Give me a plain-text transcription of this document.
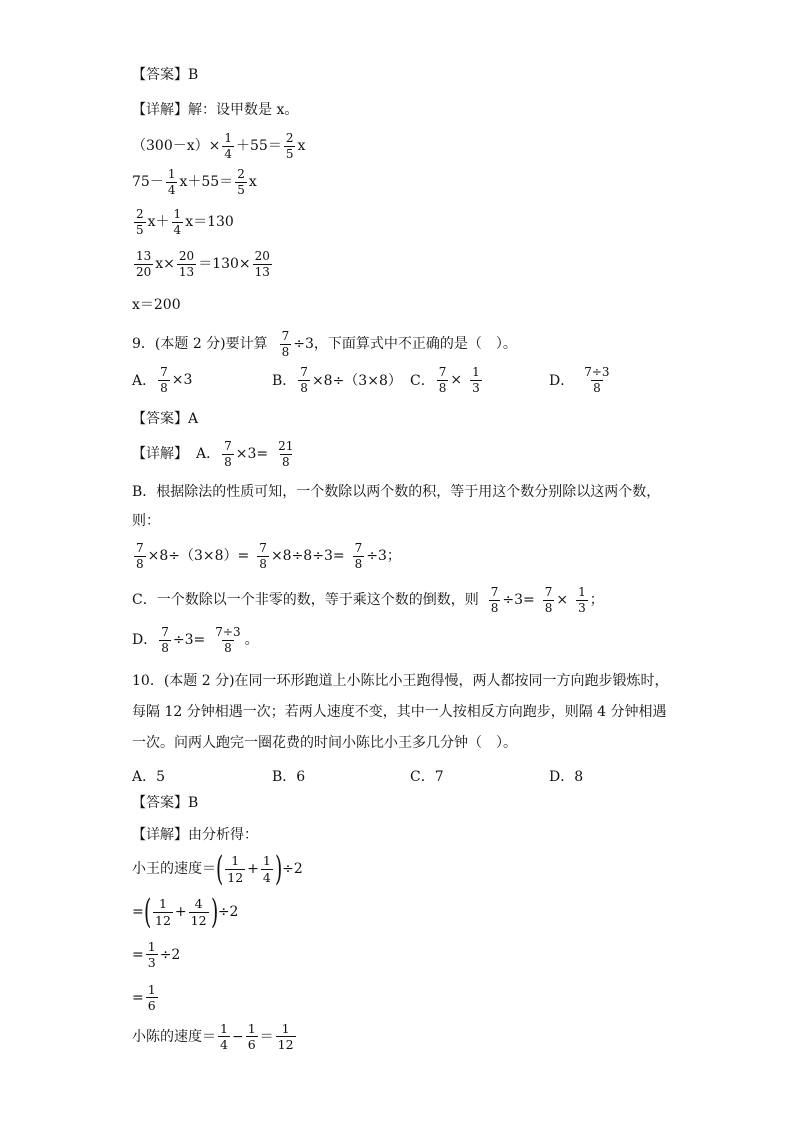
【答案】 B
【详解】 解：设甲数是 x。
$(300-x)\times \frac{1}{4} +55= \frac{2}{5}$ x
$75- \frac{1}{4} x+55= \frac{2}{5}$ x
$\frac{2}{5} x+ \frac{1}{4} x=130$
$\frac{13}{20} x\times \frac{20}{13} =130\times \frac{20}{13}$
x＝200
9．(本题 2 分)要计算 $\frac{7}{8} \div 3$，下面算式中不正确的是（　）。
A． $\frac{7}{8} \times 3$	B． $\frac{7}{8} \times 8\div(3\times 8)$ C． $\frac{7}{8} \times \frac{1}{3}$	D． $\frac{7\div 3}{8}$
【答案】 A
【详解】 A． $\frac{7}{8} \times 3= \frac{21}{8}$
B．根据除法的性质可知，一个数除以两个数的积，等于用这个数分别除以这两个数，
则：
$\frac{7}{8} \times 8\div(3\times 8)= \frac{7}{8} \times 8\div 8\div 3= \frac{7}{8} \div 3$；
C．一个数除以一个非零的数，等于乘这个数的倒数，则 $\frac{7}{8} \div 3= \frac{7}{8} \times \frac{1}{3}$ ；
D． $\frac{7}{8} \div 3= \frac{7\div 3}{8}$ 。
10．(本题 2 分)在同一环形跑道上小陈比小王跑得慢，两人都按同一方向跑步锻炼时，
每隔 12 分钟相遇一次；若两人速度不变，其中一人按相反方向跑步，则隔 4 分钟相遇
一次。问两人跑完一圈花费的时间小陈比小王多几分钟（　）。
A．5	B．6	C．7	D．8
【答案】 B
【详解】 由分析得：
小王的速度＝ ( $\frac{1}{12} + \frac{1}{4}$ ) ÷2
= ( $\frac{1}{12} + \frac{4}{12}$ ) ÷2
= $\frac{1}{3} \div 2$
= $\frac{1}{6}$
小陈的速度＝ $\frac{1}{4} - \frac{1}{6} = \frac{1}{12}$
